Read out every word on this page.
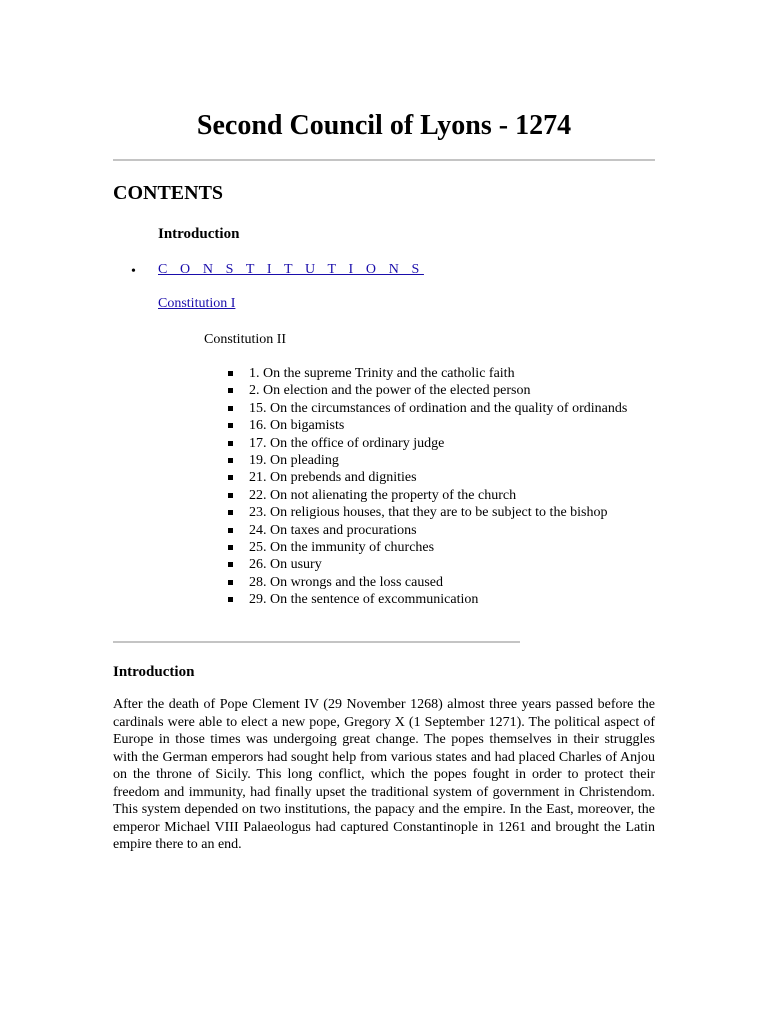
Second Council of Lyons - 1274
CONTENTS
Introduction
• C O N S T I T U T I O N S
Constitution I
Constitution II
1. On the supreme Trinity and the catholic faith
2. On election and the power of the elected person
15. On the circumstances of ordination and the quality of ordinands
16. On bigamists
17. On the office of ordinary judge
19. On pleading
21. On prebends and dignities
22. On not alienating the property of the church
23. On religious houses, that they are to be subject to the bishop
24. On taxes and procurations
25. On the immunity of churches
26. On usury
28. On wrongs and the loss caused
29. On the sentence of excommunication
Introduction

After the death of Pope Clement IV (29 November 1268) almost three years passed before the cardinals were able to elect a new pope, Gregory X (1 September 1271). The political aspect of Europe in those times was undergoing great change. The popes themselves in their struggles with the German emperors had sought help from various states and had placed Charles of Anjou on the throne of Sicily. This long conflict, which the popes fought in order to protect their freedom and immunity, had finally upset the traditional system of government in Christendom. This system depended on two institutions, the papacy and the empire. In the East, moreover, the emperor Michael VIII Palaeologus had captured Constantinople in 1261 and brought the Latin empire there to an end.
